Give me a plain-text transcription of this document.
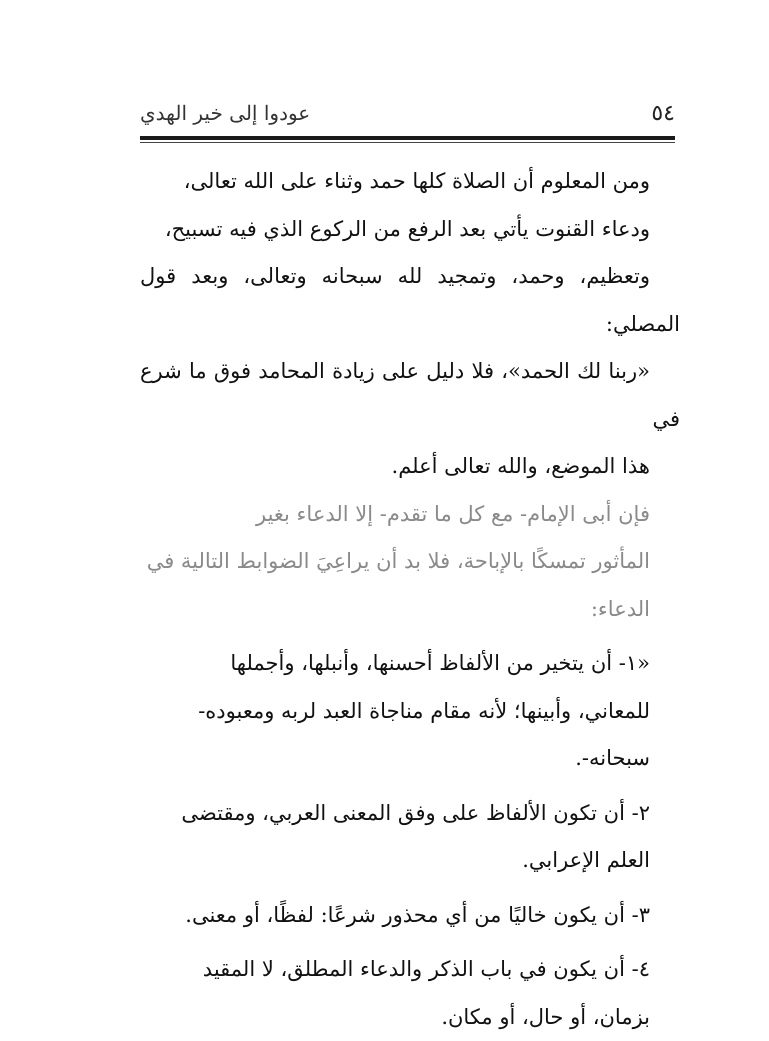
٥٤
عودوا إلى خير الهدي

ومن المعلوم أن الصلاة كلها حمد وثناء على الله تعالى،
ودعاء القنوت يأتي بعد الرفع من الركوع الذي فيه تسبيح،
وتعظيم، وحمد، وتمجيد لله سبحانه وتعالى، وبعد قول المصلي:
«ربنا لك الحمد»، فلا دليل على زيادة المحامد فوق ما شرع في
هذا الموضع، والله تعالى أعلم.

فإن أبى الإمام- مع كل ما تقدم- إلا الدعاء بغير
المأثور تمسكًا بالإباحة، فلا بد أن يراعِيَ الضوابط التالية في
الدعاء:

«١- أن يتخير من الألفاظ أحسنها، وأنبلها، وأجملها
للمعاني، وأبينها؛ لأنه مقام مناجاة العبد لربه ومعبوده-
سبحانه-.

٢- أن تكون الألفاظ على وفق المعنى العربي، ومقتضى
العلم الإعرابي.

٣- أن يكون خاليًا من أي محذور شرعًا: لفظًا، أو معنى.

٤- أن يكون في باب الذكر والدعاء المطلق، لا المقيد
بزمان، أو حال، أو مكان.
